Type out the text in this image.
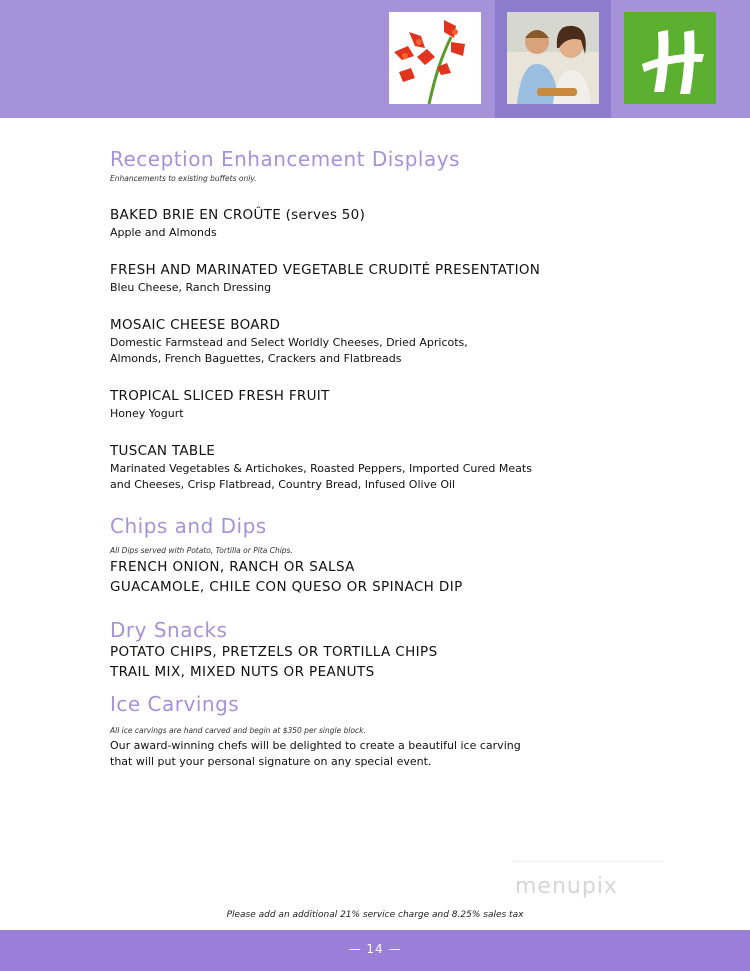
Reception Enhancement Displays
Enhancements to existing buffets only.
BAKED BRIE EN CROÛTE (serves 50)
Apple and Almonds
FRESH AND MARINATED VEGETABLE CRUDITÉ PRESENTATION
Bleu Cheese, Ranch Dressing
MOSAIC CHEESE BOARD
Domestic Farmstead and Select Worldly Cheeses, Dried Apricots,
Almonds, French Baguettes, Crackers and Flatbreads
TROPICAL SLICED FRESH FRUIT
Honey Yogurt
TUSCAN TABLE
Marinated Vegetables & Artichokes, Roasted Peppers, Imported Cured Meats
and Cheeses, Crisp Flatbread, Country Bread, Infused Olive Oil
Chips and Dips
All Dips served with Potato, Tortilla or Pita Chips.
FRENCH ONION, RANCH OR SALSA
GUACAMOLE, CHILE CON QUESO OR SPINACH DIP
Dry Snacks
POTATO CHIPS, PRETZELS OR TORTILLA CHIPS
TRAIL MIX, MIXED NUTS OR PEANUTS
Ice Carvings
All ice carvings are hand carved and begin at $350 per single block.
Our award-winning chefs will be delighted to create a beautiful ice carving
that will put your personal signature on any special event.
menupix
Please add an additional 21% service charge and 8.25% sales tax
— 14 —
